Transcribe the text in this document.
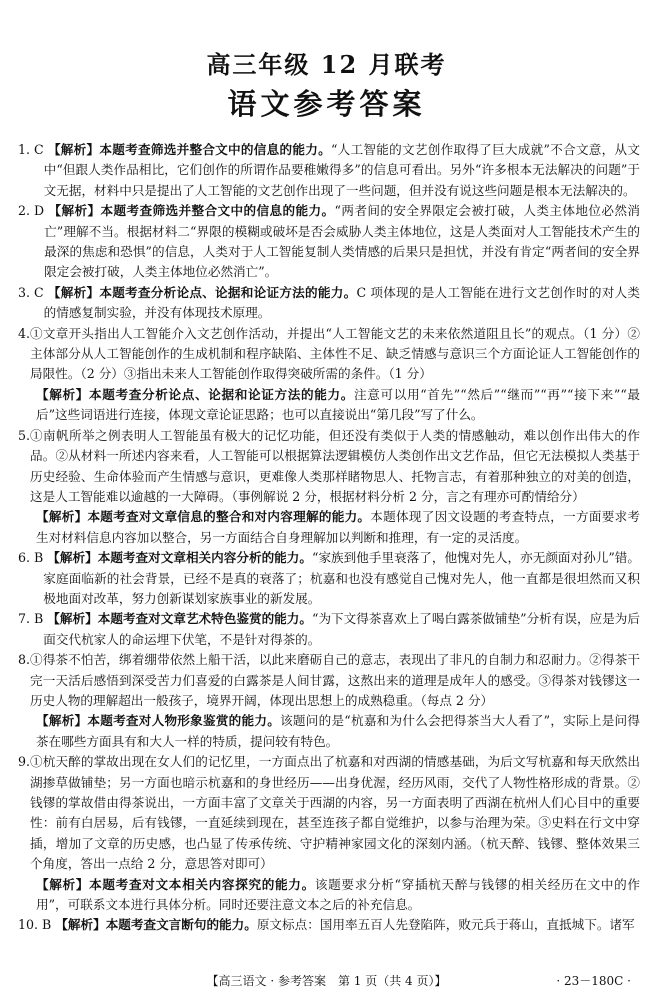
高三年级 12 月联考
语文参考答案
1. C 【解析】本题考查筛选并整合文中的信息的能力。“人工智能的文艺创作取得了巨大成就”不合文意，从文中“但跟人类作品相比，它们创作的所谓作品要稚嫩得多”的信息可看出。另外“许多根本无法解决的问题”于文无据，材料中只是提出了人工智能的文艺创作出现了一些问题，但并没有说这些问题是根本无法解决的。
2. D 【解析】本题考查筛选并整合文中的信息的能力。“两者间的安全界限定会被打破，人类主体地位必然消亡”理解不当。根据材料二“界限的模糊或破坏是否会威胁人类主体地位，这是人类面对人工智能技术产生的最深的焦虑和恐惧”的信息，人类对于人工智能复制人类情感的后果只是担忧，并没有肯定“两者间的安全界限定会被打破，人类主体地位必然消亡”。
3. C 【解析】本题考查分析论点、论据和论证方法的能力。C 项体现的是人工智能在进行文艺创作时的对人类的情感复制实验，并没有体现技术原理。
4. ①文章开头指出人工智能介入文艺创作活动，并提出“人工智能文艺的未来依然道阻且长”的观点。（1 分）②主体部分从人工智能创作的生成机制和程序缺陷、主体性不足、缺乏情感与意识三个方面论证人工智能创作的局限性。（2 分）③指出未来人工智能创作取得突破所需的条件。（1 分）
【解析】本题考查分析论点、论据和论证方法的能力。注意可以用“首先”“然后”“继而”“再”“接下来”“最后”这些词语进行连接，体现文章论证思路；也可以直接说出“第几段”写了什么。
5. ①南帆所举之例表明人工智能虽有极大的记忆功能，但还没有类似于人类的情感触动，难以创作出伟大的作品。②从材料一所述内容来看，人工智能可以根据算法逻辑模仿人类创作出文艺作品，但它无法模拟人类基于历史经验、生命体验而产生情感与意识，更难像人类那样睹物思人、托物言志，有着那种独立的对美的创造，这是人工智能难以逾越的一大障碍。（事例解说 2 分，根据材料分析 2 分，言之有理亦可酌情给分）
【解析】本题考查对文章信息的整合和对内容理解的能力。本题体现了因文设题的考查特点，一方面要求考生对材料信息内容加以整合，另一方面结合自身理解加以判断和推理，有一定的灵活度。
6. B 【解析】本题考查对文章相关内容分析的能力。“家族到他手里衰落了，他愧对先人，亦无颜面对孙儿”错。家庭面临新的社会背景，已经不是真的衰落了；杭嘉和也没有感觉自己愧对先人，他一直都是很坦然而又积极地面对改革，努力创新谋划家族事业的新发展。
7. B 【解析】本题考查对文章艺术特色鉴赏的能力。“为下文得茶喜欢上了喝白露茶做铺垫”分析有误，应是为后面交代杭家人的命运埋下伏笔，不是针对得茶的。
8. ①得茶不怕苦，绑着绷带依然上船干活，以此来磨砺自己的意志，表现出了非凡的自制力和忍耐力。②得茶干完一天活后感悟到深受苦力们喜爱的白露茶是人间甘露，这熬出来的道理是成年人的感受。③得茶对钱镠这一历史人物的理解超出一般孩子，境界开阔，体现出思想上的成熟稳重。（每点 2 分）
【解析】本题考查对人物形象鉴赏的能力。该题问的是“杭嘉和为什么会把得茶当大人看了”，实际上是问得茶在哪些方面具有和大人一样的特质，提问较有特色。
9. ①杭天醉的掌故出现在女人们的记忆里，一方面点出了杭嘉和对西湖的情感基础，为后文写杭嘉和每天欣然出湖掺草做铺垫；另一方面也暗示杭嘉和的身世经历——出身优渥，经历风雨，交代了人物性格形成的背景。②钱镠的掌故借由得茶说出，一方面丰富了文章关于西湖的内容，另一方面表明了西湖在杭州人们心目中的重要性：前有白居易，后有钱镠，一直延续到现在，甚至连孩子都自觉维护，以参与治理为荣。③史料在行文中穿插，增加了文章的历史感，也凸显了传承传统、守护精神家园文化的深刻内涵。（杭天醉、钱镠、整体效果三个角度，答出一点给 2 分，意思答对即可）
【解析】本题考查对文本相关内容探究的能力。该题要求分析“穿插杭天醉与钱镠的相关经历在文中的作用”，可联系文本进行具体分析。同时还要注意文本之后的补充信息。
10. B 【解析】本题考查文言断句的能力。原文标点：国用率五百人先登陷阵，败元兵于蒋山，直抵城下。诸军
【高三语文 · 参考答案　第 1 页（共 4 页）】	· 23－180C ·
